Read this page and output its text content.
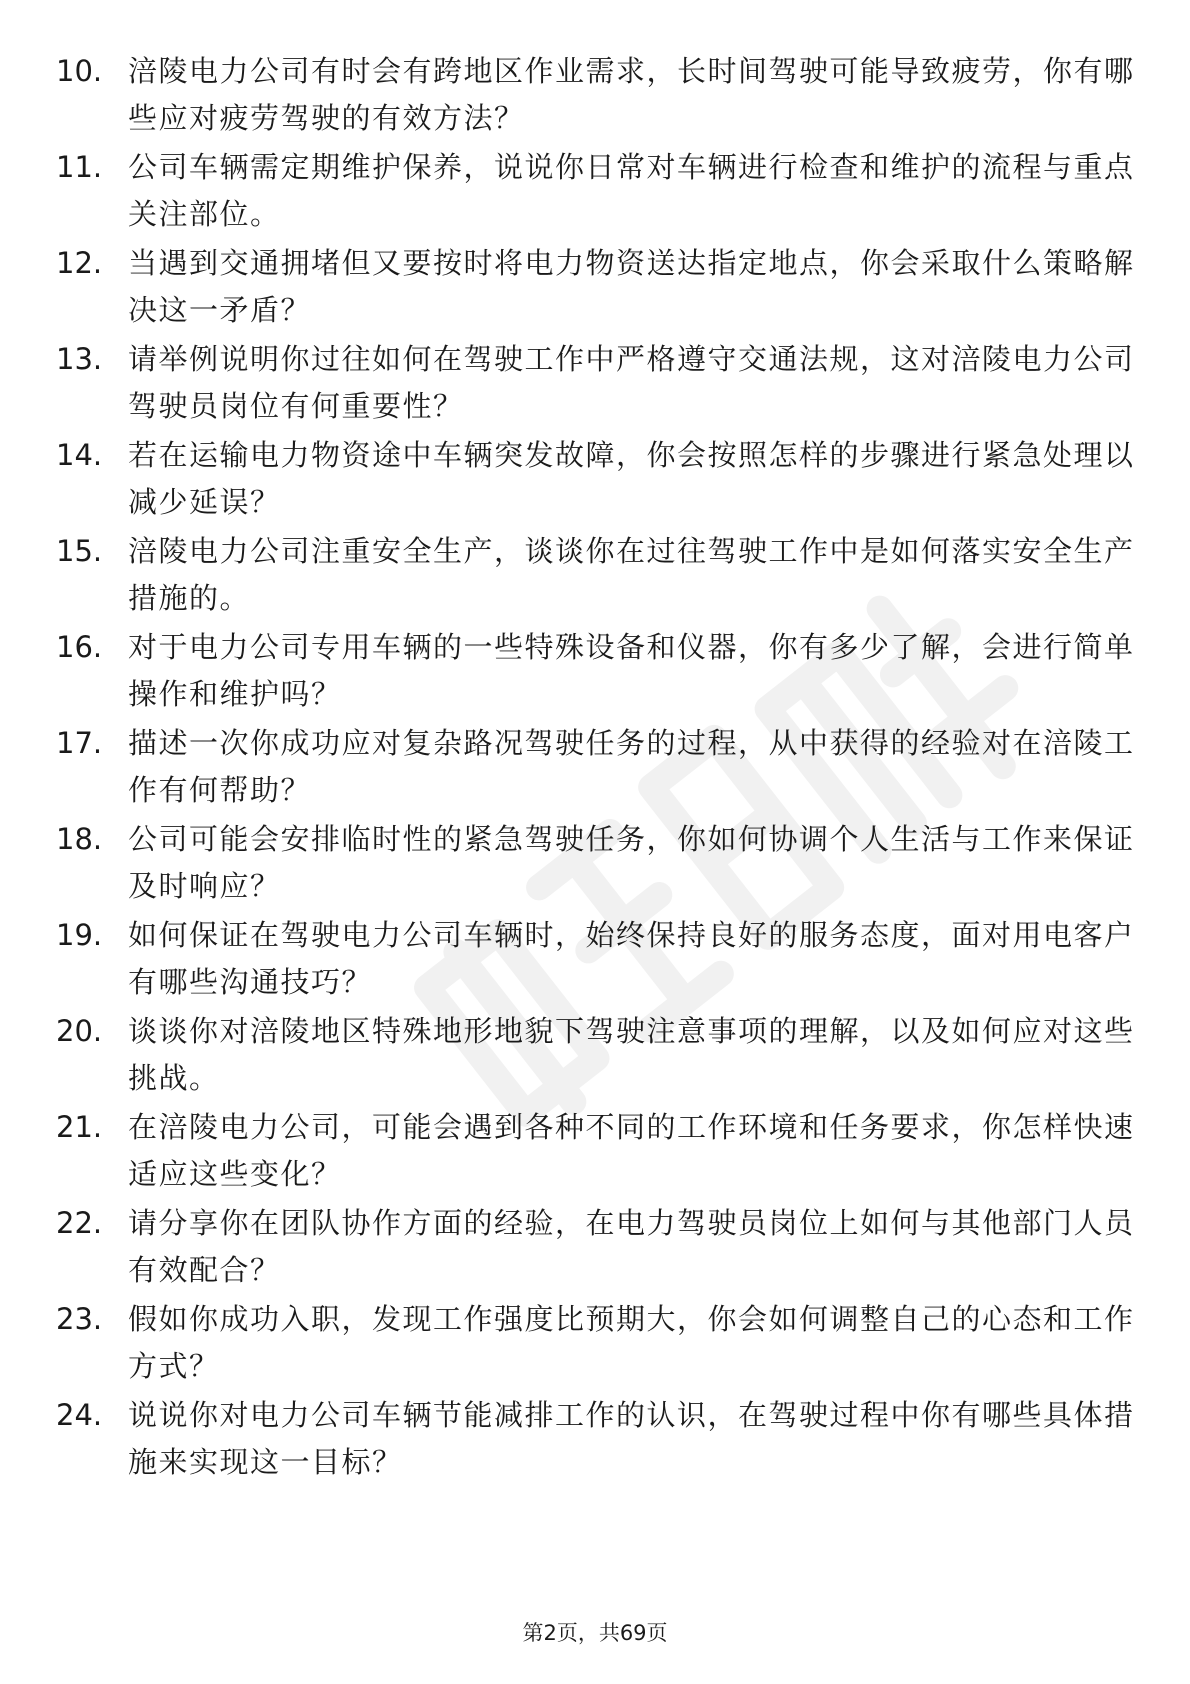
10. 涪陵电力公司有时会有跨地区作业需求，长时间驾驶可能导致疲劳，你有哪些应对疲劳驾驶的有效方法？
11. 公司车辆需定期维护保养，说说你日常对车辆进行检查和维护的流程与重点关注部位。
12. 当遇到交通拥堵但又要按时将电力物资送达指定地点，你会采取什么策略解决这一矛盾？
13. 请举例说明你过往如何在驾驶工作中严格遵守交通法规，这对涪陵电力公司驾驶员岗位有何重要性？
14. 若在运输电力物资途中车辆突发故障，你会按照怎样的步骤进行紧急处理以减少延误？
15. 涪陵电力公司注重安全生产，谈谈你在过往驾驶工作中是如何落实安全生产措施的。
16. 对于电力公司专用车辆的一些特殊设备和仪器，你有多少了解，会进行简单操作和维护吗？
17. 描述一次你成功应对复杂路况驾驶任务的过程，从中获得的经验对在涪陵工作有何帮助？
18. 公司可能会安排临时性的紧急驾驶任务，你如何协调个人生活与工作来保证及时响应？
19. 如何保证在驾驶电力公司车辆时，始终保持良好的服务态度，面对用电客户有哪些沟通技巧？
20. 谈谈你对涪陵地区特殊地形地貌下驾驶注意事项的理解，以及如何应对这些挑战。
21. 在涪陵电力公司，可能会遇到各种不同的工作环境和任务要求，你怎样快速适应这些变化？
22. 请分享你在团队协作方面的经验，在电力驾驶员岗位上如何与其他部门人员有效配合？
23. 假如你成功入职，发现工作强度比预期大，你会如何调整自己的心态和工作方式？
24. 说说你对电力公司车辆节能减排工作的认识，在驾驶过程中你有哪些具体措施来实现这一目标？
第2页，共69页
